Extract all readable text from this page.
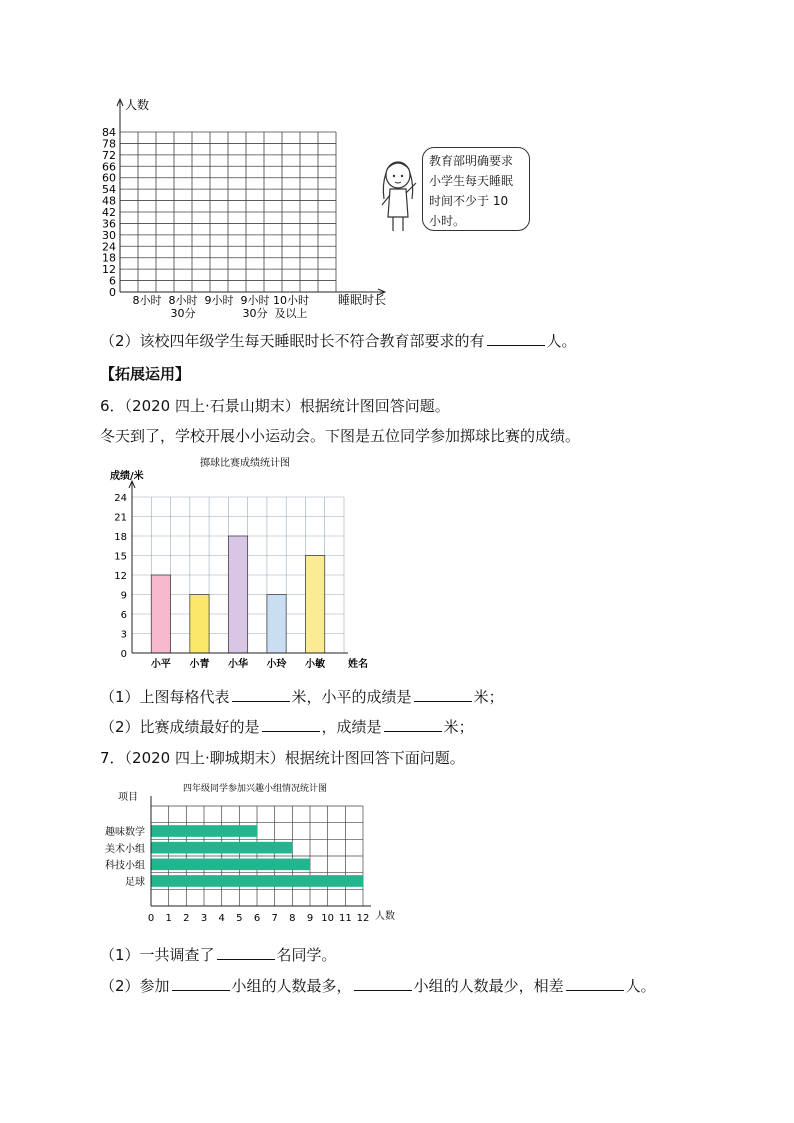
0
6
12
18
24
30
36
42
48
54
60
66
72
78
84
人数
睡眠时长
8小时 8小时
30分
9小时 9小时
30分
10小时
及以上
教育部明确要求
小学生每天睡眠
时间不少于 10
小时。
（2）该校四年级学生每天睡眠时长不符合教育部要求的有	人。
【拓展运用】
6．（2020 四上·石景山期末）根据统计图回答问题。
冬天到了，学校开展小小运动会。下图是五位同学参加掷球比赛的成绩。
掷球比赛成绩统计图
0
3
6
9
12
15
18
21
24
小平 小青 小华 小玲 小敏
成绩/米
姓名
（1）上图每格代表	米，小平的成绩是	米；
（2）比赛成绩最好的是	，成绩是	米；
7．（2020 四上·聊城期末）根据统计图回答下面问题。
四年级同学参加兴趣小组情况统计图
项目
0 1 2 3 4 5 6 7 8 9 10 11 12
趣味数学
美术小组
科技小组
足球
人数
（1）一共调查了	名同学。
（2）参加	小组的人数最多，	小组的人数最少，相差	人。
